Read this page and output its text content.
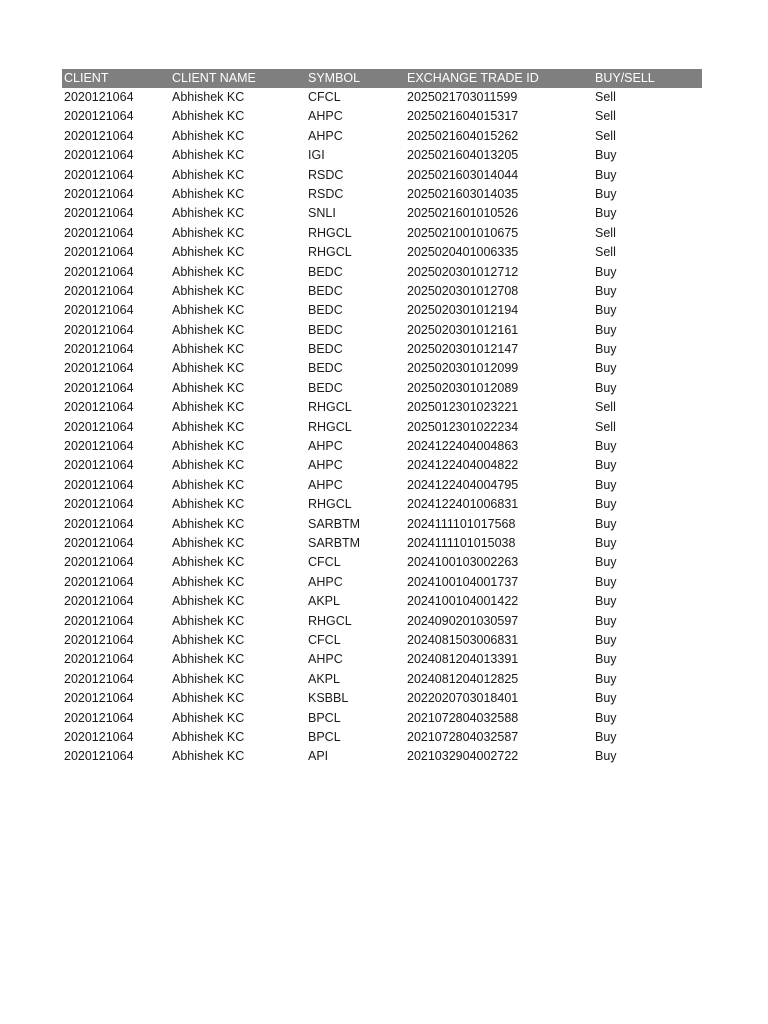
CLIENT	CLIENT NAME	SYMBOL	EXCHANGE TRADE ID	BUY/SELL
2020121064	Abhishek KC	CFCL	2025021703011599	Sell
2020121064	Abhishek KC	AHPC	2025021604015317	Sell
2020121064	Abhishek KC	AHPC	2025021604015262	Sell
2020121064	Abhishek KC	IGI	2025021604013205	Buy
2020121064	Abhishek KC	RSDC	2025021603014044	Buy
2020121064	Abhishek KC	RSDC	2025021603014035	Buy
2020121064	Abhishek KC	SNLI	2025021601010526	Buy
2020121064	Abhishek KC	RHGCL	2025021001010675	Sell
2020121064	Abhishek KC	RHGCL	2025020401006335	Sell
2020121064	Abhishek KC	BEDC	2025020301012712	Buy
2020121064	Abhishek KC	BEDC	2025020301012708	Buy
2020121064	Abhishek KC	BEDC	2025020301012194	Buy
2020121064	Abhishek KC	BEDC	2025020301012161	Buy
2020121064	Abhishek KC	BEDC	2025020301012147	Buy
2020121064	Abhishek KC	BEDC	2025020301012099	Buy
2020121064	Abhishek KC	BEDC	2025020301012089	Buy
2020121064	Abhishek KC	RHGCL	2025012301023221	Sell
2020121064	Abhishek KC	RHGCL	2025012301022234	Sell
2020121064	Abhishek KC	AHPC	2024122404004863	Buy
2020121064	Abhishek KC	AHPC	2024122404004822	Buy
2020121064	Abhishek KC	AHPC	2024122404004795	Buy
2020121064	Abhishek KC	RHGCL	2024122401006831	Buy
2020121064	Abhishek KC	SARBTM	2024111101017568	Buy
2020121064	Abhishek KC	SARBTM	2024111101015038	Buy
2020121064	Abhishek KC	CFCL	2024100103002263	Buy
2020121064	Abhishek KC	AHPC	2024100104001737	Buy
2020121064	Abhishek KC	AKPL	2024100104001422	Buy
2020121064	Abhishek KC	RHGCL	2024090201030597	Buy
2020121064	Abhishek KC	CFCL	2024081503006831	Buy
2020121064	Abhishek KC	AHPC	2024081204013391	Buy
2020121064	Abhishek KC	AKPL	2024081204012825	Buy
2020121064	Abhishek KC	KSBBL	2022020703018401	Buy
2020121064	Abhishek KC	BPCL	2021072804032588	Buy
2020121064	Abhishek KC	BPCL	2021072804032587	Buy
2020121064	Abhishek KC	API	2021032904002722	Buy
